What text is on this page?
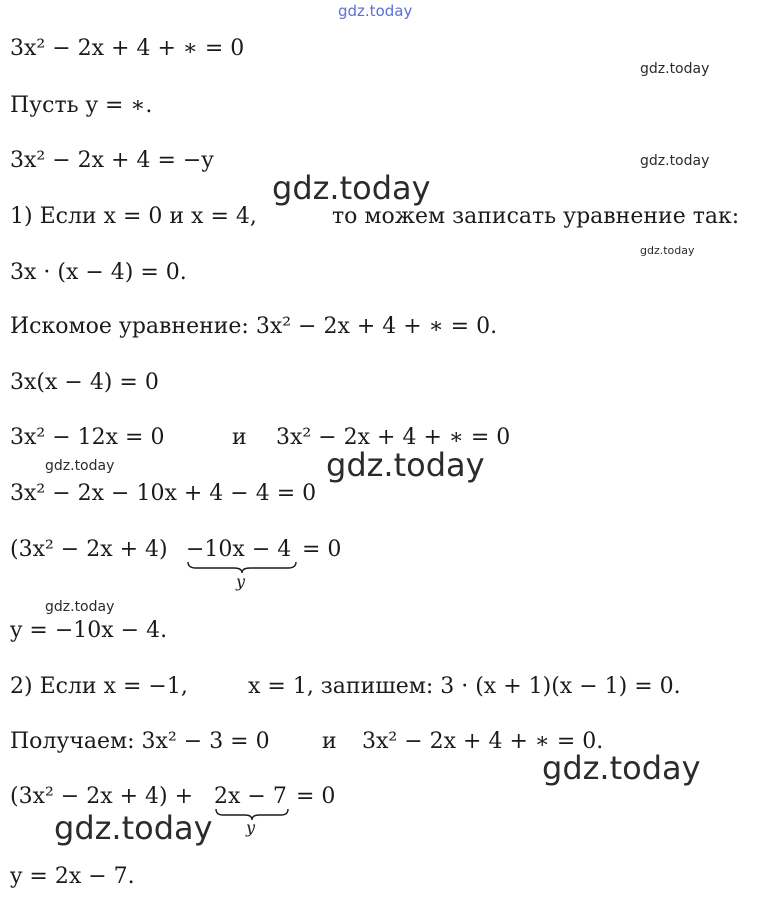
gdz.today
gdz.today
gdz.today
gdz.today
gdz.today
gdz.today	gdz.today
gdz.today
gdz.today
gdz.today
3x² − 2x + 4 + ∗ = 0
Пусть y = ∗.
3x² − 2x + 4 = −y
1) Если x = 0 и x = 4,	то можем записать уравнение так:
3x · (x − 4) = 0.
Искомое уравнение: 3x² − 2x + 4 + ∗ = 0.
3x(x − 4) = 0
3x² − 12x = 0	и 3x² − 2x + 4 + ∗ = 0
3x² − 2x − 10x + 4 − 4 = 0
(3x² − 2x + 4) −10x − 4 = 0
y
y = −10x − 4.
2) Если x = −1,	x = 1, запишем: 3 · (x + 1)(x − 1) = 0.
Получаем: 3x² − 3 = 0 и 3x² − 2x + 4 + ∗ = 0.
(3x² − 2x + 4) + 2x − 7 = 0
y
y = 2x − 7.
